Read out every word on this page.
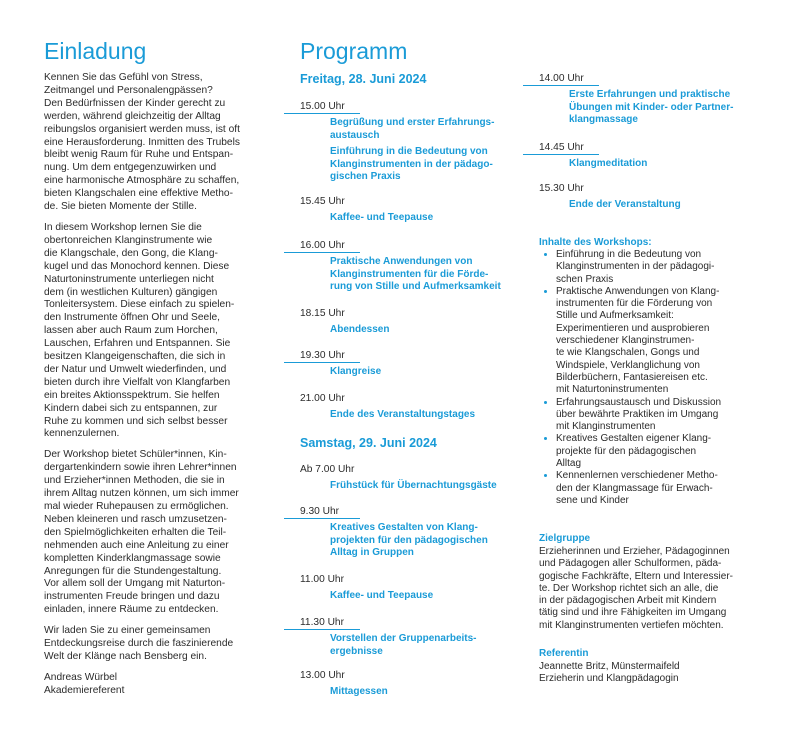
Einladung

Kennen Sie das Gefühl von Stress,
Zeitmangel und Personalengpässen?
Den Bedürfnissen der Kinder gerecht zu
werden, während gleichzeitig der Alltag
reibungslos organisiert werden muss, ist oft
eine Herausforderung. Inmitten des Trubels
bleibt wenig Raum für Ruhe und Entspan-
nung. Um dem entgegenzuwirken und
eine harmonische Atmosphäre zu schaffen,
bieten Klangschalen eine effektive Metho-
de. Sie bieten Momente der Stille.

In diesem Workshop lernen Sie die
obertonreichen Klanginstrumente wie
die Klangschale, den Gong, die Klang-
kugel und das Monochord kennen. Diese
Naturtoninstrumente unterliegen nicht
dem (in westlichen Kulturen) gängigen
Tonleitersystem. Diese einfach zu spielen-
den Instrumente öffnen Ohr und Seele,
lassen aber auch Raum zum Horchen,
Lauschen, Erfahren und Entspannen. Sie
besitzen Klangeigenschaften, die sich in
der Natur und Umwelt wiederfinden, und
bieten durch ihre Vielfalt von Klangfarben
ein breites Aktionsspektrum. Sie helfen
Kindern dabei sich zu entspannen, zur
Ruhe zu kommen und sich selbst besser
kennenzulernen.

Der Workshop bietet Schüler*innen, Kin-
dergartenkindern sowie ihren Lehrer*innen
und Erzieher*innen Methoden, die sie in
ihrem Alltag nutzen können, um sich immer
mal wieder Ruhepausen zu ermöglichen.
Neben kleineren und rasch umzusetzen-
den Spielmöglichkeiten erhalten die Teil-
nehmenden auch eine Anleitung zu einer
kompletten Kinderklangmassage sowie
Anregungen für die Stundengestaltung.
Vor allem soll der Umgang mit Naturton-
instrumenten Freude bringen und dazu
einladen, innere Räume zu entdecken.

Wir laden Sie zu einer gemeinsamen
Entdeckungsreise durch die faszinierende
Welt der Klänge nach Bensberg ein.

Andreas Würbel
Akademiereferent

Programm
Freitag, 28. Juni 2024
15.00 Uhr
Begrüßung und erster Erfahrungs-
austausch
Einführung in die Bedeutung von
Klanginstrumenten in der pädago-
gischen Praxis
15.45 Uhr
Kaffee- und Teepause
16.00 Uhr
Praktische Anwendungen von
Klanginstrumenten für die Förde-
rung von Stille und Aufmerksamkeit
18.15 Uhr
Abendessen
19.30 Uhr
Klangreise
21.00 Uhr
Ende des Veranstaltungstages
Samstag, 29. Juni 2024
Ab 7.00 Uhr
Frühstück für Übernachtungsgäste
9.30 Uhr
Kreatives Gestalten von Klang-
projekten für den pädagogischen
Alltag in Gruppen
11.00 Uhr
Kaffee- und Teepause
11.30 Uhr
Vorstellen der Gruppenarbeits-
ergebnisse
13.00 Uhr
Mittagessen
14.00 Uhr
Erste Erfahrungen und praktische
Übungen mit Kinder- oder Partner-
klangmassage
14.45 Uhr
Klangmeditation
15.30 Uhr
Ende der Veranstaltung
Inhalte des Workshops:
• Einführung in die Bedeutung von
Klanginstrumenten in der pädagogi-
schen Praxis
• Praktische Anwendungen von Klang-
instrumenten für die Förderung von
Stille und Aufmerksamkeit:
Experimentieren und ausprobieren
verschiedener Klanginstrumen-
te wie Klangschalen, Gongs und
Windspiele, Verklanglichung von
Bilderbüchern, Fantasiereisen etc.
mit Naturtoninstrumenten
• Erfahrungsaustausch und Diskussion
über bewährte Praktiken im Umgang
mit Klanginstrumenten
• Kreatives Gestalten eigener Klang-
projekte für den pädagogischen
Alltag
• Kennenlernen verschiedener Metho-
den der Klangmassage für Erwach-
sene und Kinder
Zielgruppe
Erzieherinnen und Erzieher, Pädagoginnen
und Pädagogen aller Schulformen, päda-
gogische Fachkräfte, Eltern und Interessier-
te. Der Workshop richtet sich an alle, die
in der pädagogischen Arbeit mit Kindern
tätig sind und ihre Fähigkeiten im Umgang
mit Klanginstrumenten vertiefen möchten.
Referentin
Jeannette Britz, Münstermaifeld
Erzieherin und Klangpädagogin
